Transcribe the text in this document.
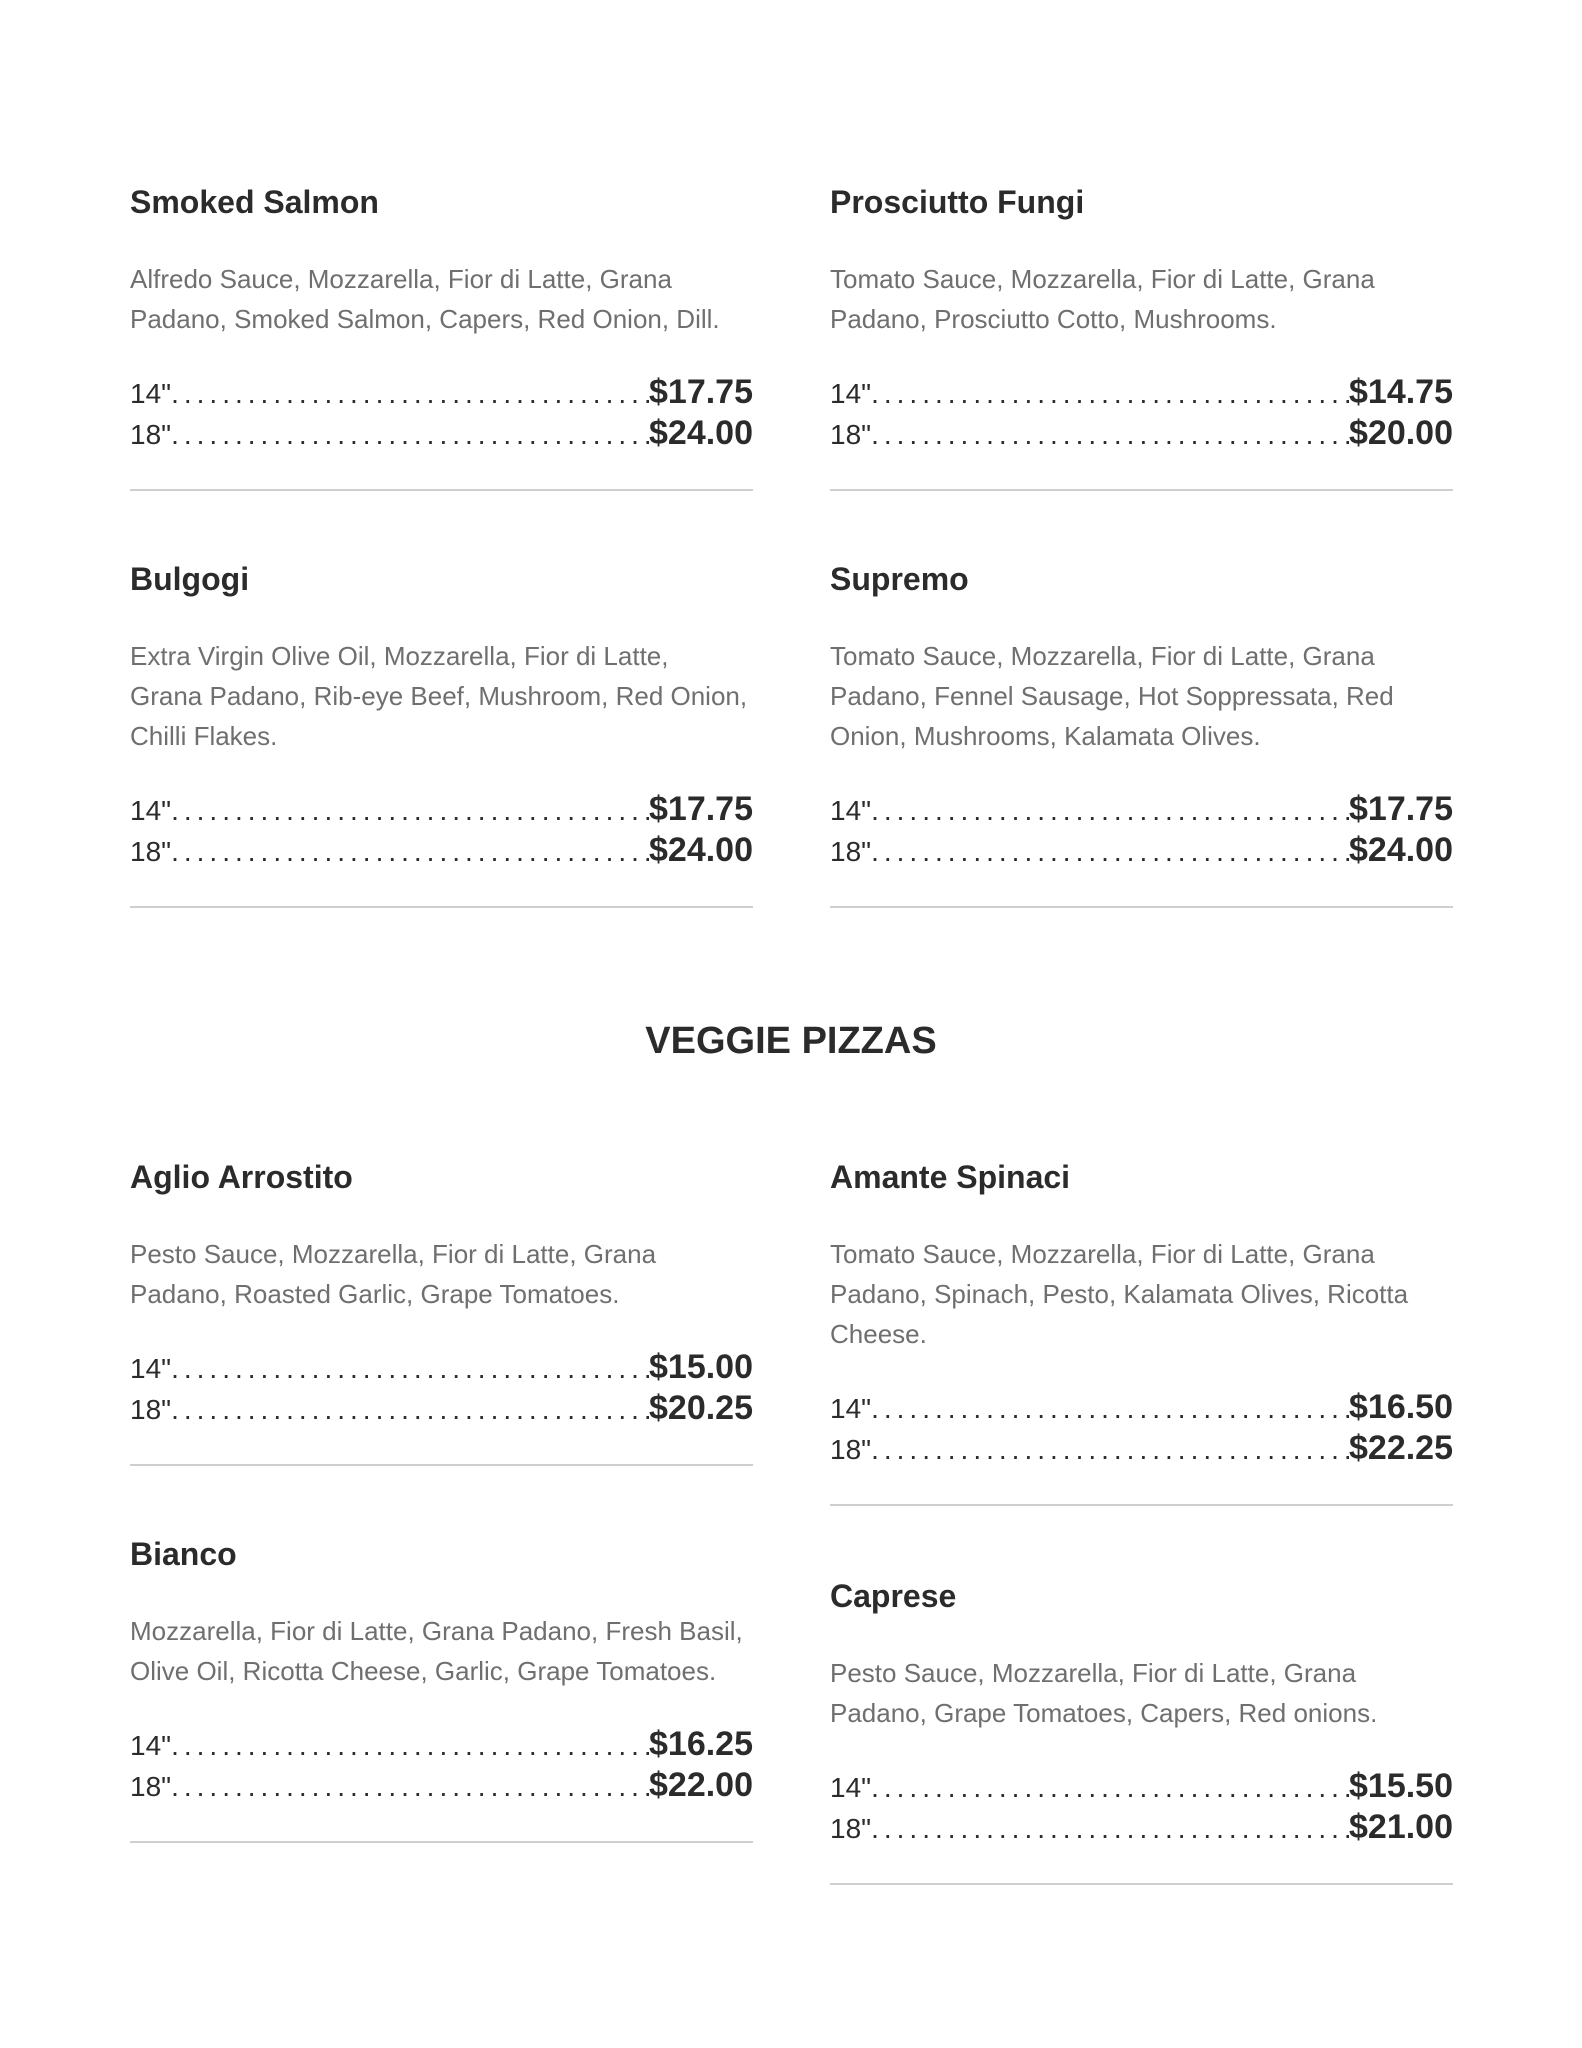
Smoked Salmon
Alfredo Sauce, Mozzarella, Fior di Latte, Grana
Padano, Smoked Salmon, Capers, Red Onion, Dill.
14" .....	$17.75
18" .....	$24.00
Bulgogi
Extra Virgin Olive Oil, Mozzarella, Fior di Latte,
Grana Padano, Rib-eye Beef, Mushroom, Red Onion,
Chilli Flakes.
14" .....	$17.75
18" .....	$24.00
Aglio Arrostito
Pesto Sauce, Mozzarella, Fior di Latte, Grana
Padano, Roasted Garlic, Grape Tomatoes.
14" .....	$15.00
18" .....	$20.25
Bianco
Mozzarella, Fior di Latte, Grana Padano, Fresh Basil,
Olive Oil, Ricotta Cheese, Garlic, Grape Tomatoes.
14" .....	$16.25
18" .....	$22.00
Prosciutto Fungi
Tomato Sauce, Mozzarella, Fior di Latte, Grana
Padano, Prosciutto Cotto, Mushrooms.
14" .....	$14.75
18" .....	$20.00
Supremo
Tomato Sauce, Mozzarella, Fior di Latte, Grana
Padano, Fennel Sausage, Hot Soppressata, Red
Onion, Mushrooms, Kalamata Olives.
14" .....	$17.75
18" .....	$24.00
Amante Spinaci
Tomato Sauce, Mozzarella, Fior di Latte, Grana
Padano, Spinach, Pesto, Kalamata Olives, Ricotta
Cheese.
14" .....	$16.50
18" .....	$22.25
Caprese
Pesto Sauce, Mozzarella, Fior di Latte, Grana
Padano, Grape Tomatoes, Capers, Red onions.
14" .....	$15.50
18" .....	$21.00
VEGGIE PIZZAS
